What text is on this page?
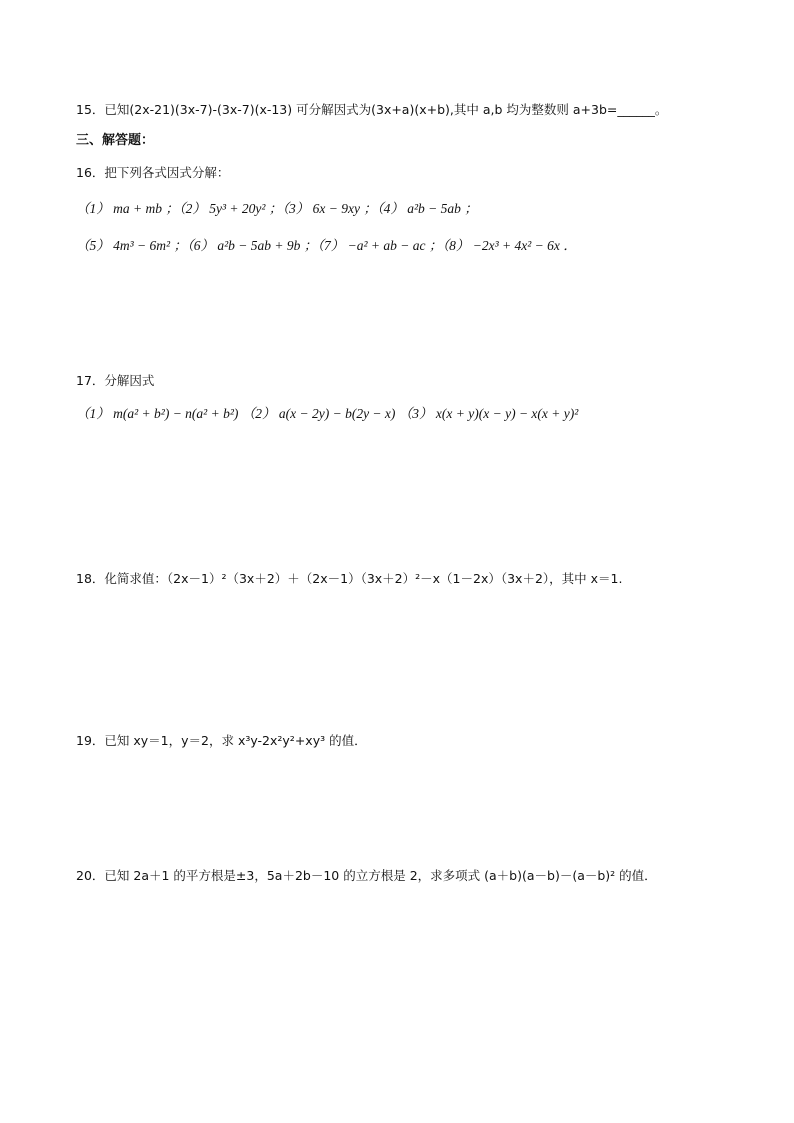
15．已知(2x-21)(3x-7)-(3x-7)(x-13) 可分解因式为(3x+a)(x+b),其中 a,b 均为整数则 a+3b=______。
三、解答题：
16．把下列各式因式分解：
（1） ma + mb ；（2） 5y³ + 20y² ；（3） 6x − 9xy ；（4） a²b − 5ab ；
（5） 4m³ − 6m² ；（6） a²b − 5ab + 9b ；（7） −a² + ab − ac ；（8） −2x³ + 4x² − 6x ．
17．分解因式
（1） m(a² + b²) − n(a² + b²) （2） a(x − 2y) − b(2y − x) （3） x(x + y)(x − y) − x(x + y)²
18．化简求值：（2x－1）²（3x＋2）＋（2x－1）（3x＋2）²－x（1－2x）（3x＋2），其中 x＝1.
19．已知 xy＝1，y＝2，求 x³y-2x²y²+xy³ 的值．
20．已知 2a＋1 的平方根是±3，5a＋2b－10 的立方根是 2，求多项式 (a＋b)(a－b)－(a－b)² 的值．
